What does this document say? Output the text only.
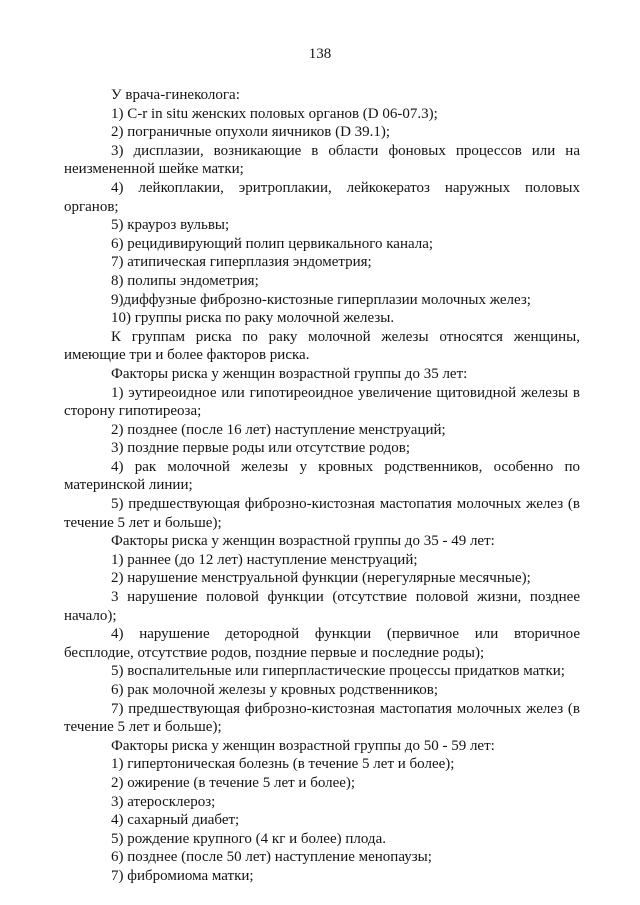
138

У врача-гинеколога:

1) C-r in situ женских половых органов (D 06-07.3);

2) пограничные опухоли яичников (D 39.1);

3) дисплазии, возникающие в области фоновых процессов или на неизмененной шейке матки;

4) лейкоплакии, эритроплакии, лейкокератоз наружных половых органов;

5) крауроз вульвы;

6) рецидивирующий полип цервикального канала;

7) атипическая гиперплазия эндометрия;

8) полипы эндометрия;

9)диффузные фиброзно-кистозные гиперплазии молочных желез;

10) группы риска по раку молочной железы.

К группам риска по раку молочной железы относятся женщины, имеющие три и более факторов риска.

Факторы риска у женщин возрастной группы до 35 лет:

1) эутиреоидное или гипотиреоидное увеличение щитовидной железы в сторону гипотиреоза;

2) позднее (после 16 лет) наступление менструаций;

3) поздние первые роды или отсутствие родов;

4) рак молочной железы у кровных родственников, особенно по материнской линии;

5) предшествующая фиброзно-кистозная мастопатия молочных желез (в течение 5 лет и больше);

Факторы риска у женщин возрастной группы до 35 - 49 лет:

1) раннее (до 12 лет) наступление менструаций;

2) нарушение менструальной функции (нерегулярные месячные);

3 нарушение половой функции (отсутствие половой жизни, позднее начало);

4) нарушение детородной функции (первичное или вторичное бесплодие, отсутствие родов, поздние первые и последние роды);

5) воспалительные или гиперпластические процессы придатков матки;

6) рак молочной железы у кровных родственников;

7) предшествующая фиброзно-кистозная мастопатия молочных желез (в течение 5 лет и больше);

Факторы риска у женщин возрастной группы до 50 - 59 лет:

1) гипертоническая болезнь (в течение 5 лет и более);

2) ожирение (в течение 5 лет и более);

3) атеросклероз;

4) сахарный диабет;

5) рождение крупного (4 кг и более) плода.

6) позднее (после 50 лет) наступление менопаузы;

7) фибромиома матки;
